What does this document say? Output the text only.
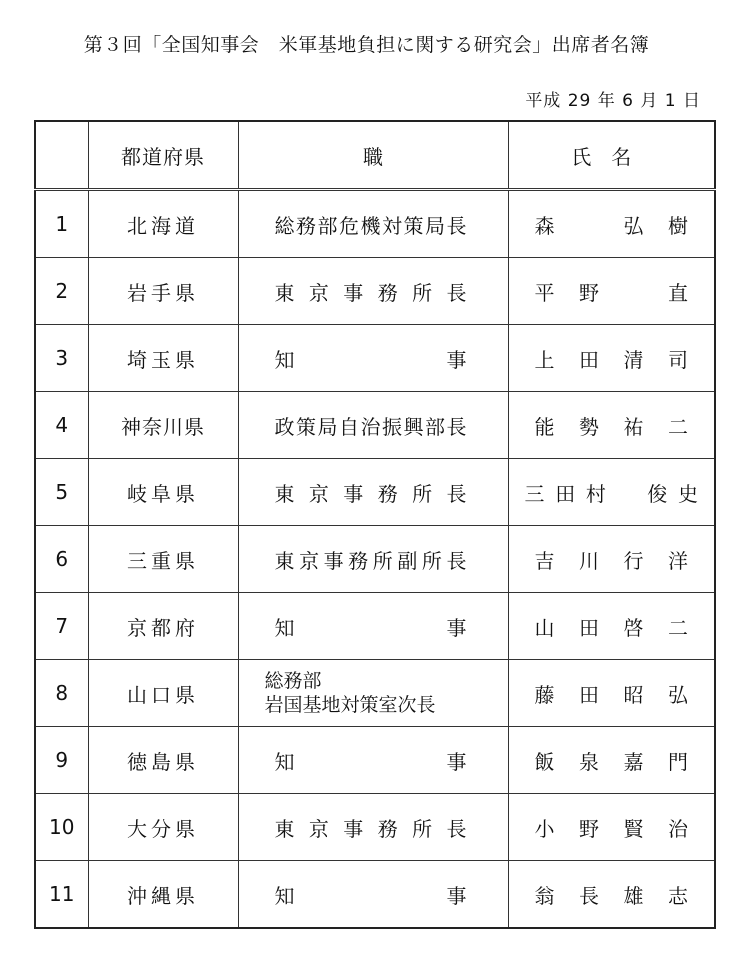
第３回「全国知事会　米軍基地負担に関する研究会」出席者名簿
平成 29 年 6 月 1 日
	都道府県	職	氏名
1	北海道	総務部危機対策局長	森　弘樹

2	岩手県	東京事務所長	平野　直

3	埼玉県	知事	上田清司

4	神奈川県	政策局自治振興部長	能勢祐二

5	岐阜県	東京事務所長	三田村　俊史

6	三重県	東京事務所副所長	吉川行洋

7	京都府	知事	山田啓二

8	山口県	総務部
岩国基地対策室次長	藤田昭弘

9	徳島県	知事	飯泉嘉門

10	大分県	東京事務所長	小野賢治

11	沖縄県	知事	翁長雄志
